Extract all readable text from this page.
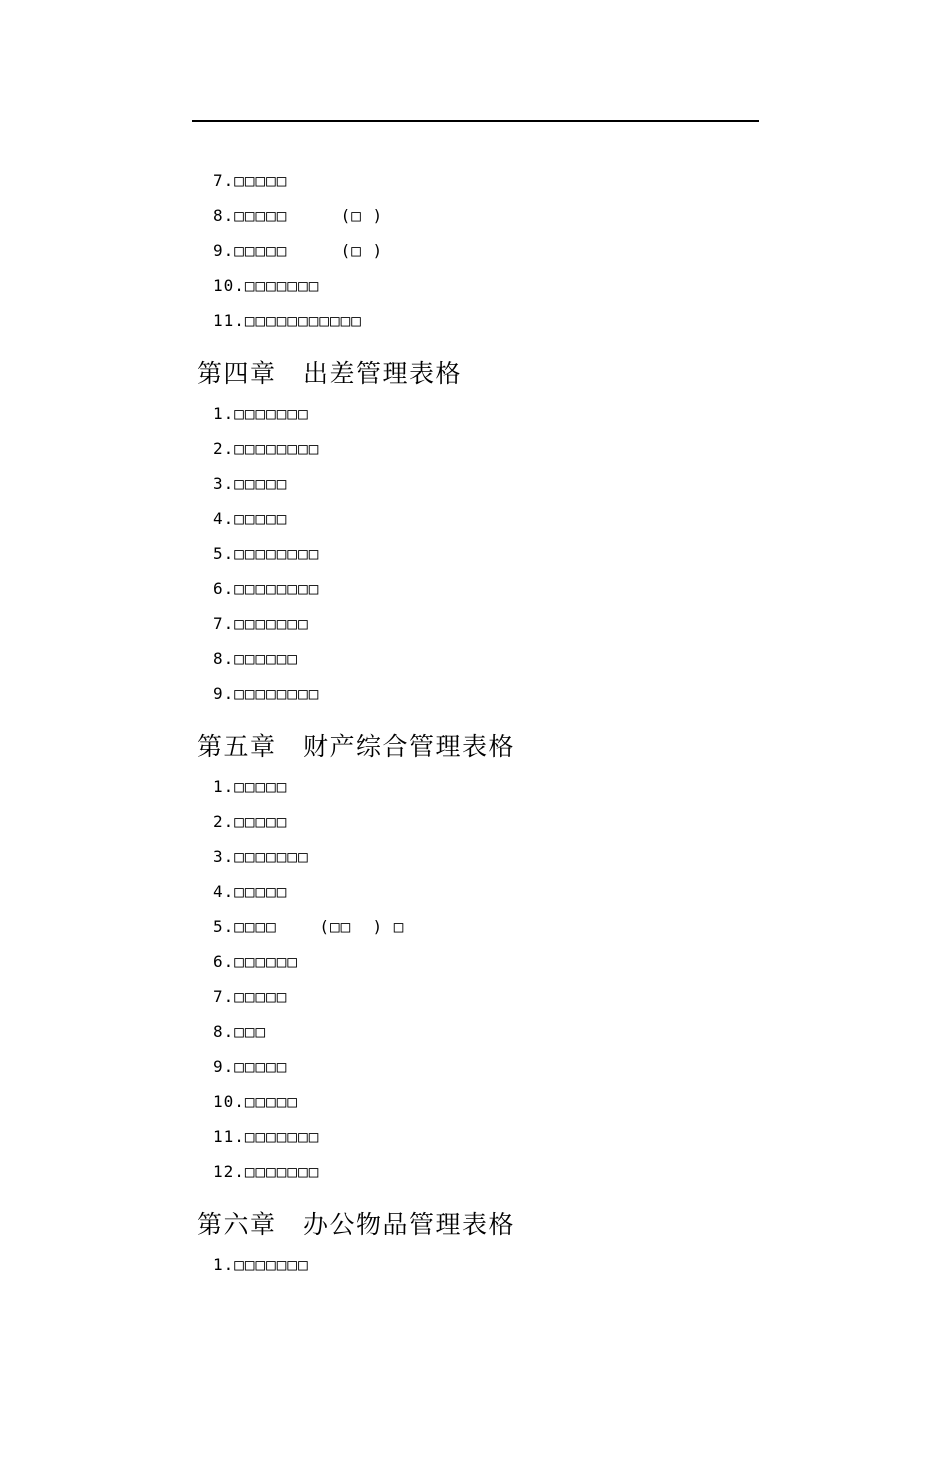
7.□□□□□
8.□□□□□     (□ )
9.□□□□□     (□ )
10.□□□□□□□
11.□□□□□□□□□□□
第四章　出差管理表格
1.□□□□□□□
2.□□□□□□□□
3.□□□□□
4.□□□□□
5.□□□□□□□□
6.□□□□□□□□
7.□□□□□□□
8.□□□□□□
9.□□□□□□□□
第五章　财产综合管理表格
1.□□□□□
2.□□□□□
3.□□□□□□□
4.□□□□□
5.□□□□    (□□  ) □
6.□□□□□□
7.□□□□□
8.□□□
9.□□□□□
10.□□□□□
11.□□□□□□□
12.□□□□□□□
第六章　办公物品管理表格
1.□□□□□□□
